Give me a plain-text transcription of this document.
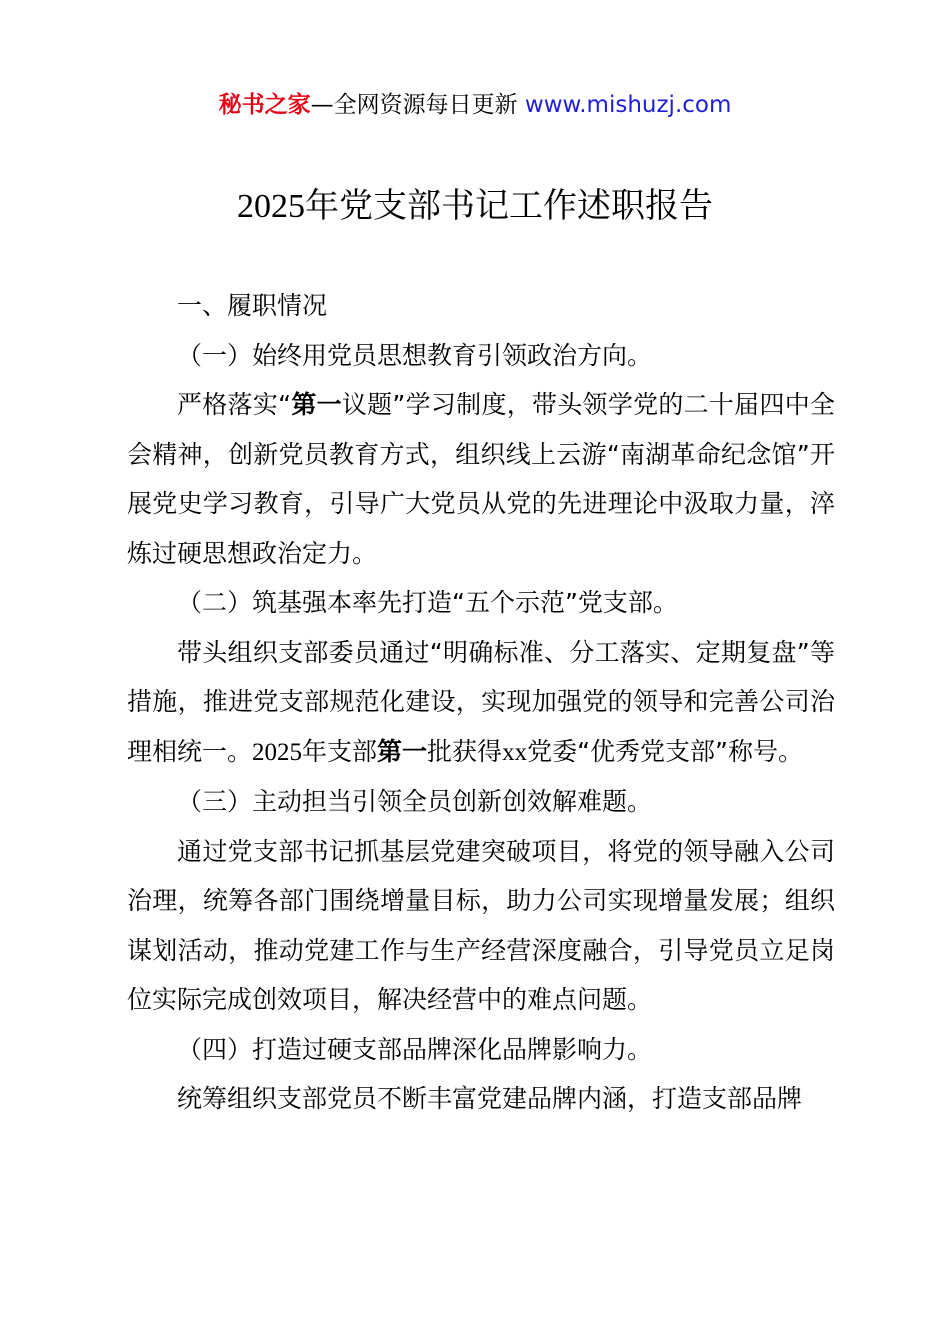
秘书之家—全网资源每日更新 www.mishuzj.com
2025年党支部书记工作述职报告

一、履职情况

（一）始终用党员思想教育引领政治方向。

严格落实“第一议题”学习制度，带头领学党的二十届四中全会精神，创新党员教育方式，组织线上云游“南湖革命纪念馆”开展党史学习教育，引导广大党员从党的先进理论中汲取力量，淬炼过硬思想政治定力。

（二）筑基强本率先打造“五个示范”党支部。

带头组织支部委员通过“明确标准、分工落实、定期复盘”等措施，推进党支部规范化建设，实现加强党的领导和完善公司治理相统一。2025年支部第一批获得xx党委“优秀党支部”称号。

（三）主动担当引领全员创新创效解难题。

通过党支部书记抓基层党建突破项目，将党的领导融入公司治理，统筹各部门围绕增量目标，助力公司实现增量发展；组织谋划活动，推动党建工作与生产经营深度融合，引导党员立足岗位实际完成创效项目，解决经营中的难点问题。

（四）打造过硬支部品牌深化品牌影响力。

统筹组织支部党员不断丰富党建品牌内涵，打造支部品牌
